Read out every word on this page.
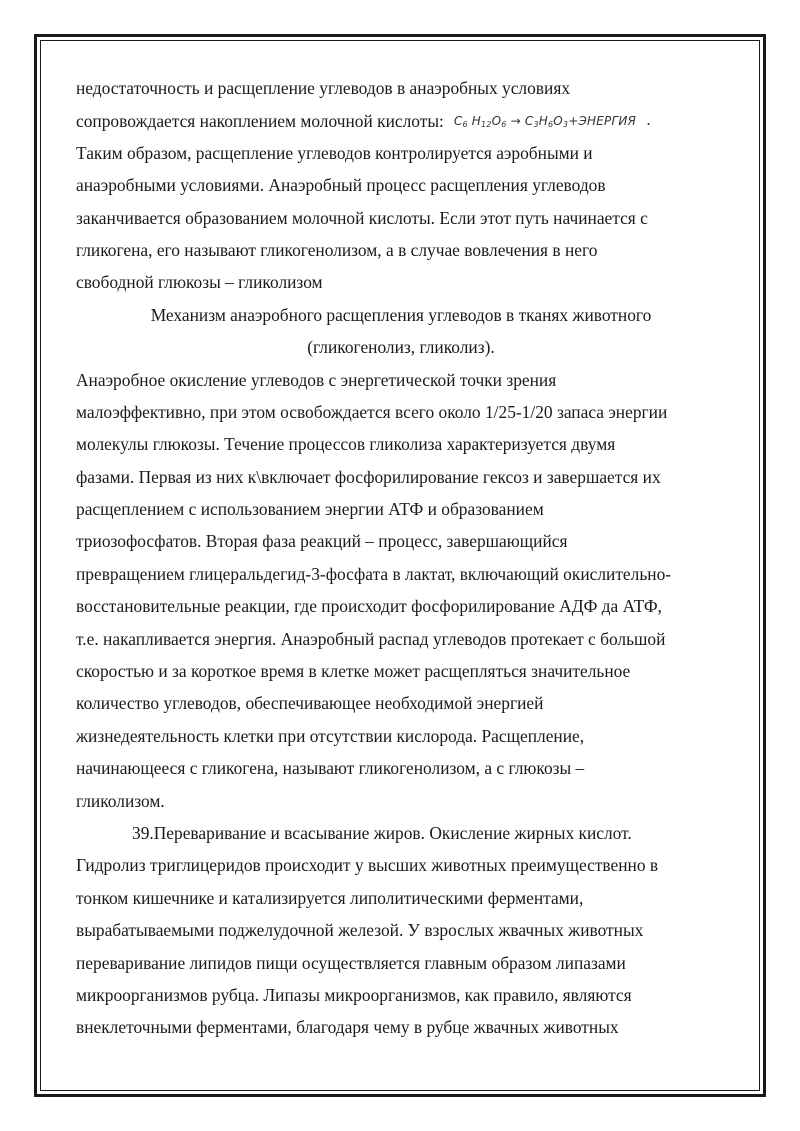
недостаточность и расщепление углеводов в анаэробных условиях
сопровождается накоплением молочной кислоты: $C_6$ $H_{12}O_6$ → $C_3H_6O_3+ЭНЕРГИЯ$ .
Таким образом, расщепление углеводов контролируется аэробными и
анаэробными условиями. Анаэробный процесс расщепления углеводов
заканчивается образованием молочной кислоты. Если этот путь начинается с
гликогена, его называют гликогенолизом, а в случае вовлечения в него
свободной глюкозы – гликолизом
Механизм анаэробного расщепления углеводов в тканях животного
(гликогенолиз, гликолиз).
Анаэробное окисление углеводов с энергетической точки зрения
малоэффективно, при этом освобождается всего около 1/25-1/20 запаса энергии
молекулы глюкозы. Течение процессов гликолиза характеризуется двумя
фазами. Первая из них к\включает фосфорилирование гексоз и завершается их
расщеплением с использованием энергии АТФ и образованием
триозофосфатов. Вторая фаза реакций – процесс, завершающийся
превращением глицеральдегид-3-фосфата в лактат, включающий окислительно-
восстановительные реакции, где происходит фосфорилирование АДФ да АТФ,
т.е. накапливается энергия. Анаэробный распад углеводов протекает с большой
скоростью и за короткое время в клетке может расщепляться значительное
количество углеводов, обеспечивающее необходимой энергией
жизнедеятельность клетки при отсутствии кислорода. Расщепление,
начинающееся с гликогена, называют гликогенолизом, а с глюкозы –
гликолизом.
39.Переваривание и всасывание жиров. Окисление жирных кислот.
Гидролиз триглицеридов происходит у высших животных преимущественно в
тонком кишечнике и катализируется липолитическими ферментами,
вырабатываемыми поджелудочной железой. У взрослых жвачных животных
переваривание липидов пищи осуществляется главным образом липазами
микроорганизмов рубца. Липазы микроорганизмов, как правило, являются
внеклеточными ферментами, благодаря чему в рубце жвачных животных
